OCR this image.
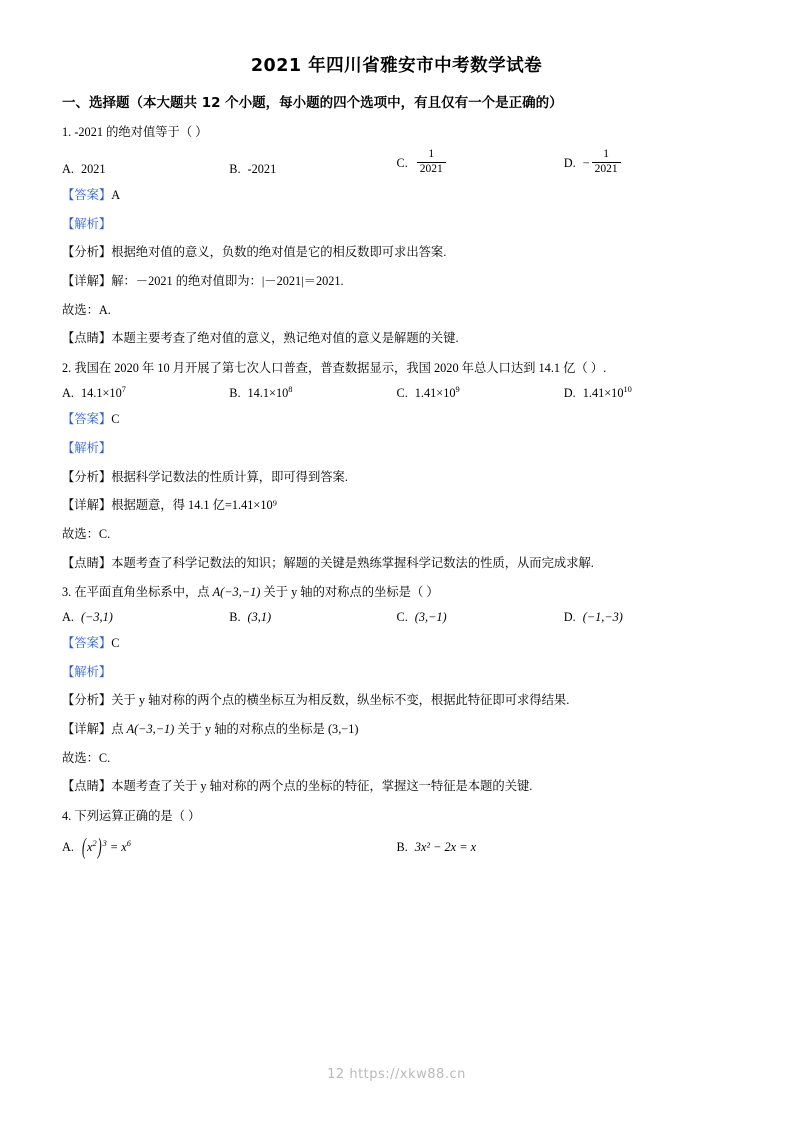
2021 年四川省雅安市中考数学试卷
一、选择题（本大题共 12 个小题，每小题的四个选项中，有且仅有一个是正确的）
1. -2021 的绝对值等于（ ）
A. 2021	B. -2021	C. $\frac{1}{2021}$	D. − $\frac{1}{2021}$
【答案】A
【解析】
【分析】根据绝对值的意义，负数的绝对值是它的相反数即可求出答案.
【详解】解：－2021 的绝对值即为：|－2021|＝2021.
故选：A.
【点睛】本题主要考查了绝对值的意义，熟记绝对值的意义是解题的关键.
2. 我国在 2020 年 10 月开展了第七次人口普查，普查数据显示，我国 2020 年总人口达到 14.1 亿（ ）.
A. $14.1\times 10^7$	B. $14.1\times 10^8$	C. $1.41\times 10^9$	D. $1.41\times 10^{10}$
【答案】C
【解析】
【分析】根据科学记数法的性质计算，即可得到答案.
【详解】根据题意，得 14.1 亿=1.41×10⁹
故选：C.
【点睛】本题考查了科学记数法的知识；解题的关键是熟练掌握科学记数法的性质，从而完成求解.
3. 在平面直角坐标系中，点 A(−3,−1) 关于 y 轴的对称点的坐标是（ ）
A. (−3,1)	B. (3,1)	C. (3,−1)	D. (−1,−3)
【答案】C
【解析】
【分析】关于 y 轴对称的两个点的横坐标互为相反数，纵坐标不变，根据此特征即可求得结果.
【详解】点 A(−3,−1) 关于 y 轴的对称点的坐标是 (3,−1)
故选：C.
【点睛】本题考查了关于 y 轴对称的两个点的坐标的特征，掌握这一特征是本题的关键.
4. 下列运算正确的是（ ）
A. $(x^2)^3 = x^6$	B. 3x² − 2x = x
12 https://xkw88.cn
